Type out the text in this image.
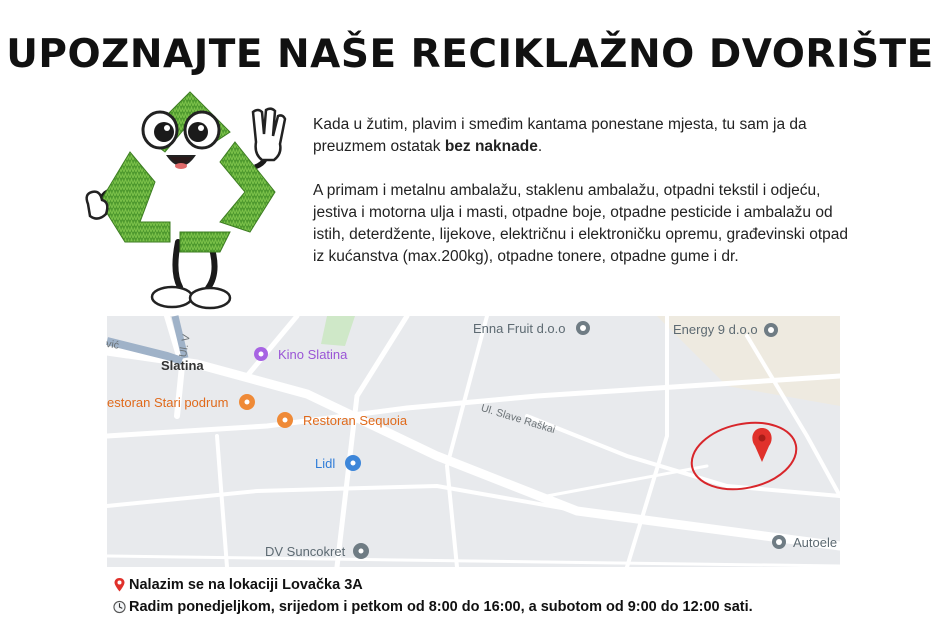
UPOZNAJTE NAŠE RECIKLAŽNO DVORIŠTE

Kada u žutim, plavim i smeđim kantama ponestane mjesta, tu sam ja da preuzmem ostatak bez naknade.

A primam i metalnu ambalažu, staklenu ambalažu, otpadni tekstil i odjeću, jestiva i motorna ulja i masti, otpadne boje, otpadne pesticide i ambalažu od istih, deterdžente, lijekove, električnu i elektroničku opremu, građevinski otpad iz kućanstva (max.200kg), otpadne tonere, otpadne gume i dr.

Enna Fruit d.o.o	Energy 9 d.o.o
Kino Slatina
Slatina
estoran Stari podrum
Restoran Sequoia
Lidl
DV Suncokret
Autoele
Ul. Slave Raškai
Ul. V
vić
Nalazim se na lokaciji Lovačka 3A
Radim ponedjeljkom, srijedom i petkom od 8:00 do 16:00, a subotom od 9:00 do 12:00 sati.
